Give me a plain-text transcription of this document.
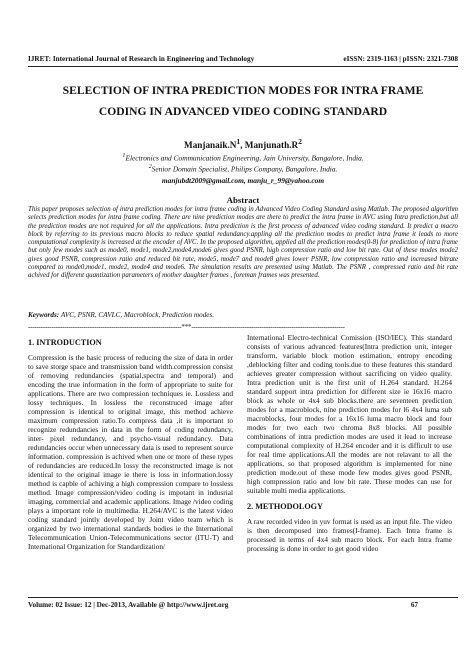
IJRET: International Journal of Research in Engineering and Technology	eISSN: 2319-1163 | pISSN: 2321-7308
SELECTION OF INTRA PREDICTION MODES FOR INTRA FRAME
CODING IN ADVANCED VIDEO CODING STANDARD
$Manjanaik.N^1$, $Manjunath.R^2$
$^1$Electronics and Communication Engineering, Jain University, Bangalore, India.
$^2$Senior Domain Specialist, Philips Company, Bangalore, India.
manjubdt2009@gmail.com, manju_r_99@yahoo.com
Abstract
This paper proposes selection of intra prediction modes for intra frame coding in Advanced Video Coding Standard using Matlab. The proposed algorithm selects prediction modes for intra frame coding. There are nine prediction modes are there to predict the intra frame in AVC using Intra prediction,but all the prediction modes are not required for all the applications. Intra prediction is the first process of advanced video coding standard. It predict a macro block by referring to its previous macro blocks to reduce spatial redundancy.appling all the prediction modes to predict intra frame it leads to more computational complexity is increased at the encoder of AVC. In the proposed algorithm, applied all the prediction modes(0-8) for prediction of intra frame but only few modes such as mode0, mode1, mode2,mode4,mode6 gives good PSNR, high compression ratio and low bit rate. Out of these modes mode2 gives good PSNR, compression ratio and reduced bit rate, mode5, mode7 and mode8 gives lower PSNR, low compression ratio and increased bitrate compared to mode0,mode1, mode2, mode4 and mode6. The simulation results are presented using Matlab. The PSNR , compressed ratio and bit rate achived for different quantization parameters of mother daughter frames , foreman frames was presented.
Keywords: AVC, PSNR, CAVLC, Macroblock, Prediction modes.
------------------------------------------------------------------------***------------------------------------------------------------------------
1. INTRODUCTION

Compression is the basic process of reducing the size of data in order to save storge space and transmission band width.compression consist of removing redundancies (spatial,spectra and temporal) and encoding the true information in the form of appropriate to suite for applications. There are two compression techniques ie. Lossless and lossy techniques. In lossless the reconstruced image after compression is identical to original image, this method achieve maximum compression ratio.To compress data ,it is important to recognize redundancies in data in the form of coding redundancy, inter- pixel redundancy, and psycho-visual redundancy. Data redundancies occur when unnecessary data is used to represent source information. compression is achived when one or more of these types of redundancies are reduced.In lossy the reconstructed image is not identical to the original image ie there is loss in information.lossy method is capble of achiving a high compression compare to lossless method. Image compression/video coding is impotant in indusrial imaging, commercial and academic applications. Image /video coding plays a important role in multimedia. H.264/AVC is the latest video coding standard jointly developed by Joint video team which is organized by two international standards bodies ie the International Telecommunication Union-Telecommunications sector (ITU-T) and International Organization for Standardization/

International Electro-technical Comission (ISO/IEC). This standard consists of various advanced features(Intra prediction unit, integer transform, variable block motion estimation, entropy encoding ,deblocking filter and coding tools.due to these features this standard achieves greater compression without sacrificing on video quality. Intra prediction unit is the first unit of H.264 standard. H.264 standard support intra prediction for different size ie 16x16 macro block as whole or 4x4 sub blocks.there are seventeen prediction modes for a macroblock, nine prediction modes for l6 4x4 luma sub macroblocks, four modes for a 16x16 luma macro block and four modes for two each two chroma 8x8 blocks. All possible combinations of intra prediction modes are used it lead to increase computational complexity of H.264 encoder and it is difficult to use for real time applications.All the modes are not relavant to all the applications, so that proposed algorithm is implemented for nine prediction mode.out of these mode few modes gives good PSNR, high compression ratio and low bit rate. These modes can use for suitable multi media applications.

2. METHODOLOGY

A raw recorded video in yuv format is used as an input file. The video is then decomposed into frames(I-frame). Each Intra frame is processed in terms of 4x4 sub macro block. For each Intra frame processing is done in order to get good video

Volume: 02 Issue: 12 | Dec-2013, Available @ http://www.ijret.org	67
